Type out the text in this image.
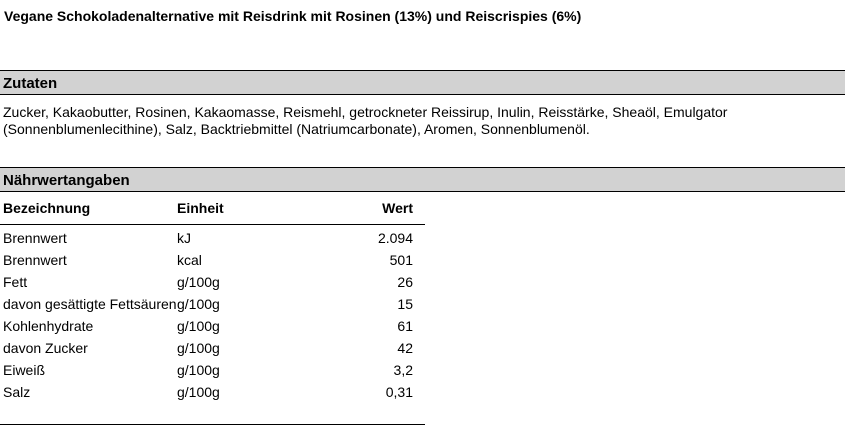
Vegane Schokoladenalternative mit Reisdrink mit Rosinen (13%) und Reiscrispies (6%)
Zutaten
Zucker, Kakaobutter, Rosinen, Kakaomasse, Reismehl, getrockneter Reissirup, Inulin, Reisstärke, Sheaöl, Emulgator (Sonnenblumenlecithine), Salz, Backtriebmittel (Natriumcarbonate), Aromen, Sonnenblumenöl.
Nährwertangaben
Bezeichnung	Einheit	Wert	
Brennwert	kJ	2.094	
Brennwert	kcal	501	
Fett	g/100g	26	
davon gesättigte Fettsäuren	g/100g	15	
Kohlenhydrate	g/100g	61	
davon Zucker	g/100g	42	
Eiweiß	g/100g	3,2	
Salz	g/100g	0,31	
